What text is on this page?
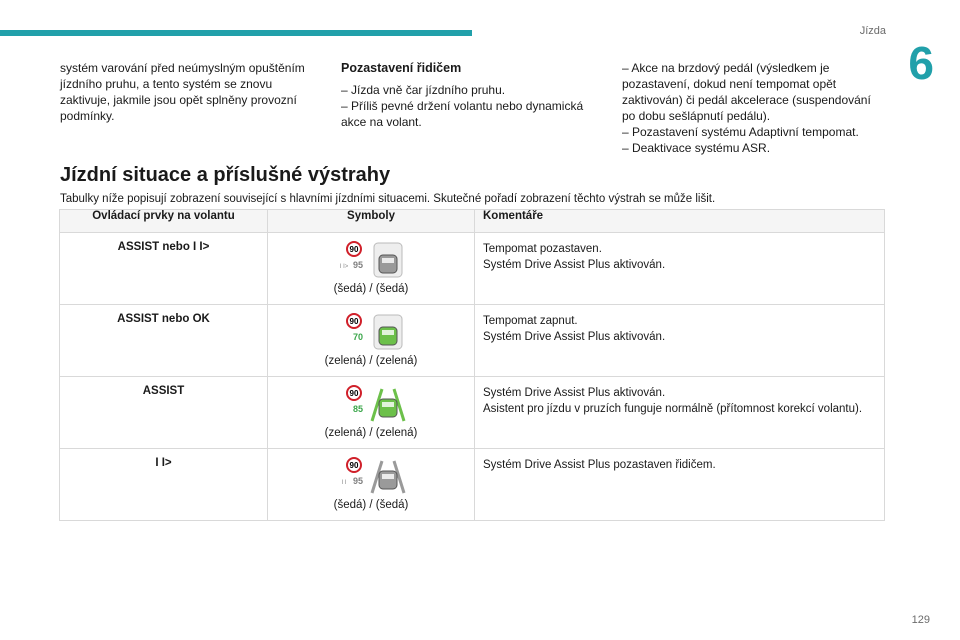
Jízda
6
systém varování před neúmyslným opuštěním
jízdního pruhu, a tento systém se znovu
zaktivuje, jakmile jsou opět splněny provozní
podmínky.
Pozastavení řidičem
– Jízda vně čar jízdního pruhu.
– Příliš pevné držení volantu nebo dynamická
akce na volant.
– Akce na brzdový pedál (výsledkem je
pozastavení, dokud není tempomat opět
zaktivován) či pedál akcelerace (suspendování
po dobu sešlápnutí pedálu).
– Pozastavení systému Adaptivní tempomat.
– Deaktivace systému ASR.
Jízdní situace a příslušné výstrahy
Tabulky níže popisují zobrazení související s hlavními jízdními situacemi. Skutečné pořadí zobrazení těchto výstrah se může lišit.
Ovládací prvky na volantu	Symboly	Komentáře
ASSIST nebo I I>	90
95
I I>
(šedá) / (šedá)	Tempomat pozastaven.
Systém Drive Assist Plus aktivován.

ASSIST nebo OK	90
70
(zelená) / (zelená)	Tempomat zapnut.
Systém Drive Assist Plus aktivován.

ASSIST	90
85
(zelená) / (zelená)	Systém Drive Assist Plus aktivován.
Asistent pro jízdu v pruzích funguje normálně (přítomnost korekcí volantu).

I I>	90
95
I I
(šedá) / (šedá)	Systém Drive Assist Plus pozastaven řidičem.
129
